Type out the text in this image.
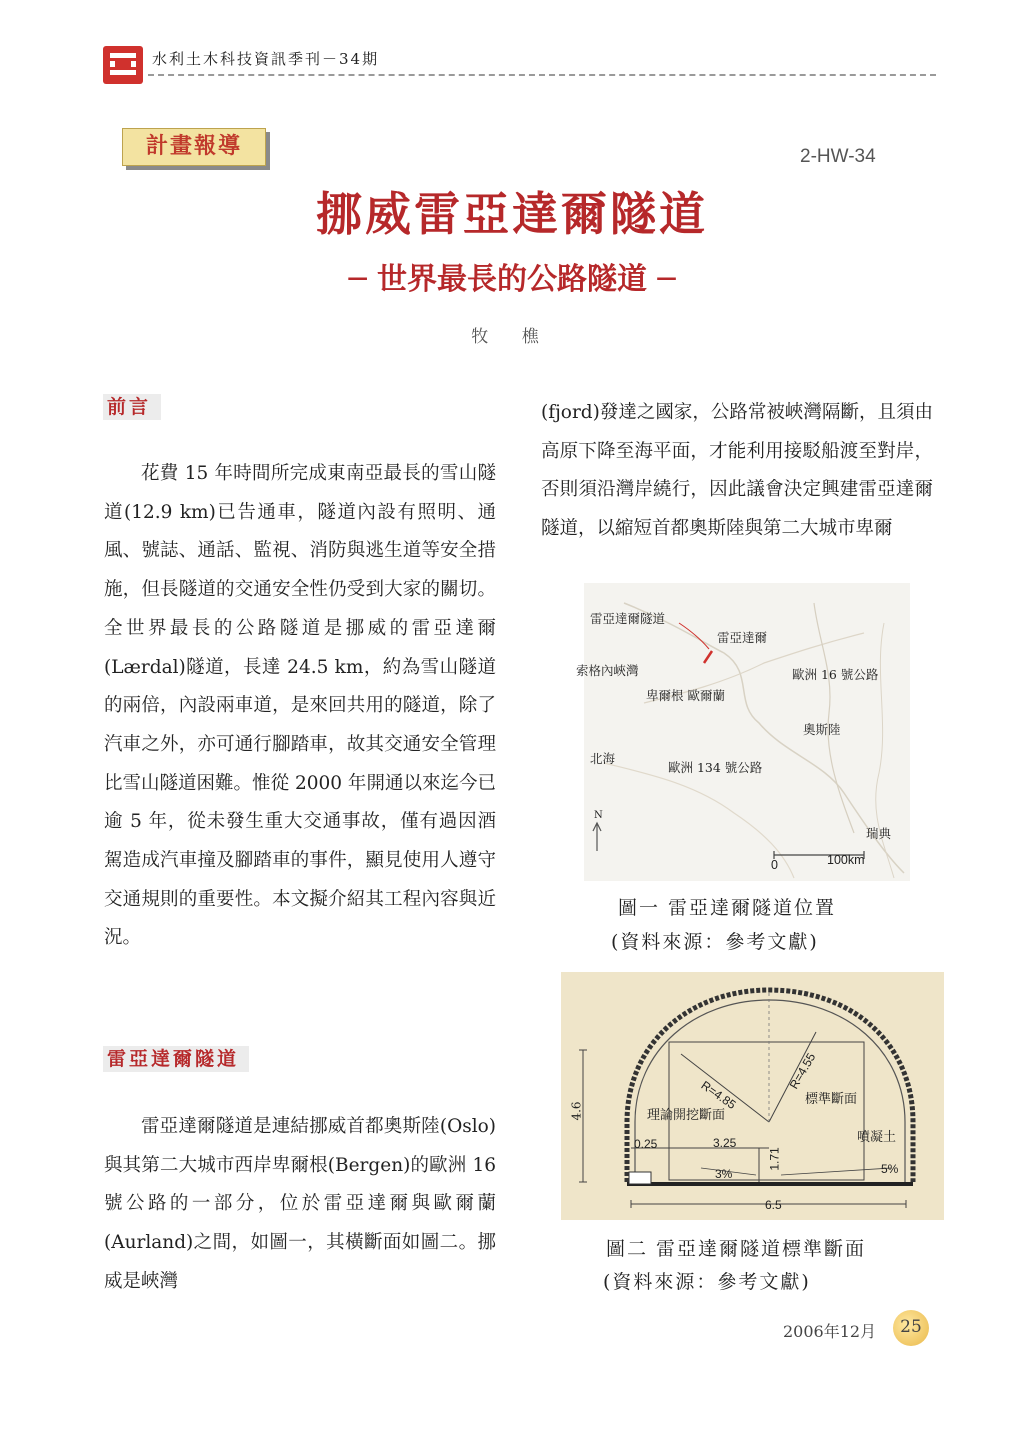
水利土木科技資訊季刊－34期
計畫報導	2-HW-34
挪威雷亞達爾隧道
─ 世界最長的公路隧道 ─
牧 樵
前言

花費 15 年時間所完成東南亞最長的雪山隧道(12.9 km)已告通車，隧道內設有照明、通風、號誌、通話、監視、消防與逃生道等安全措施，但長隧道的交通安全性仍受到大家的關切。全世界最長的公路隧道是挪威的雷亞達爾(Lærdal)隧道，長達 24.5 km，約為雪山隧道的兩倍，內設兩車道，是來回共用的隧道，除了汽車之外，亦可通行腳踏車，故其交通安全管理比雪山隧道困難。惟從 2000 年開通以來迄今已逾 5 年，從未發生重大交通事故，僅有過因酒駕造成汽車撞及腳踏車的事件，顯見使用人遵守交通規則的重要性。本文擬介紹其工程內容與近況。

雷亞達爾隧道

雷亞達爾隧道是連結挪威首都奧斯陸(Oslo)與其第二大城市西岸卑爾根(Bergen)的歐洲 16 號公路的一部分，位於雷亞達爾與歐爾蘭(Aurland)之間，如圖一，其橫斷面如圖二。挪威是峽灣

(fjord)發達之國家，公路常被峽灣隔斷，且須由高原下降至海平面，才能利用接駁船渡至對岸，否則須沿灣岸繞行，因此議會決定興建雷亞達爾隧道，以縮短首都奧斯陸與第二大城市卑爾

雷亞達爾隧道
雷亞達爾
索格內峽灣	歐洲 16 號公路
卑爾根 歐爾蘭
奧斯陸
北海
歐洲 134 號公路
瑞典
N
0	100km
圖一 雷亞達爾隧道位置
(資料來源：參考文獻)
4.6	R=4.85
R=4.55
標準斷面
理論開挖斷面
噴凝土
0.25	3.25
1.71
3%	5%
6.5
圖二 雷亞達爾隧道標準斷面
(資料來源：參考文獻)
2006年12月	25
